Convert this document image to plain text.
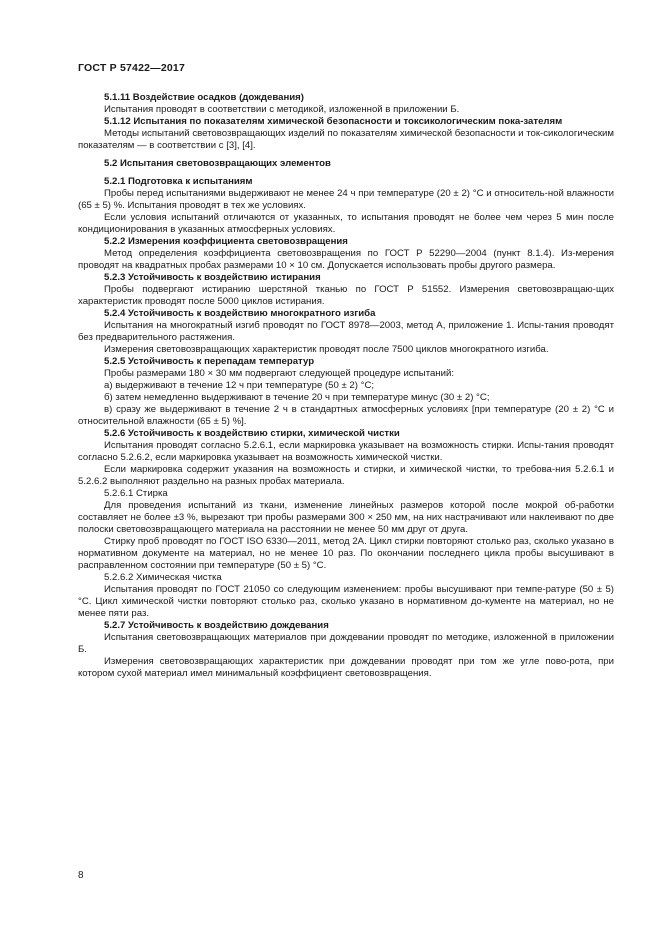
ГОСТ Р 57422—2017

5.1.11 Воздействие осадков (дождевания)

Испытания проводят в соответствии с методикой, изложенной в приложении Б.

5.1.12 Испытания по показателям химической безопасности и токсикологическим пока-зателям

Методы испытаний световозвращающих изделий по показателям химической безопасности и ток-сикологическим показателям — в соответствии с [3], [4].

5.2 Испытания световозвращающих элементов

5.2.1 Подготовка к испытаниям

Пробы перед испытаниями выдерживают не менее 24 ч при температуре (20 ± 2) °С и относитель-ной влажности (65 ± 5) %. Испытания проводят в тех же условиях.

Если условия испытаний отличаются от указанных, то испытания проводят не более чем через 5 мин после кондиционирования в указанных атмосферных условиях.

5.2.2 Измерения коэффициента световозвращения

Метод определения коэффициента световозвращения по ГОСТ Р 52290—2004 (пункт 8.1.4). Из-мерения проводят на квадратных пробах размерами 10 × 10 см. Допускается использовать пробы другого размера.

5.2.3 Устойчивость к воздействию истирания

Пробы подвергают истиранию шерстяной тканью по ГОСТ Р 51552. Измерения световозвращаю-щих характеристик проводят после 5000 циклов истирания.

5.2.4 Устойчивость к воздействию многократного изгиба

Испытания на многократный изгиб проводят по ГОСТ 8978—2003, метод А, приложение 1. Испы-тания проводят без предварительного растяжения.

Измерения световозвращающих характеристик проводят после 7500 циклов многократного изгиба.

5.2.5 Устойчивость к перепадам температур

Пробы размерами 180 × 30 мм подвергают следующей процедуре испытаний:

а) выдерживают в течение 12 ч при температуре (50 ± 2) °С;

б) затем немедленно выдерживают в течение 20 ч при температуре минус (30 ± 2) °С;

в) сразу же выдерживают в течение 2 ч в стандартных атмосферных условиях [при температуре (20 ± 2) °С и относительной влажности (65 ± 5) %].

5.2.6 Устойчивость к воздействию стирки, химической чистки

Испытания проводят согласно 5.2.6.1, если маркировка указывает на возможность стирки. Испы-тания проводят согласно 5.2.6.2, если маркировка указывает на возможность химической чистки.

Если маркировка содержит указания на возможность и стирки, и химической чистки, то требова-ния 5.2.6.1 и 5.2.6.2 выполняют раздельно на разных пробах материала.

5.2.6.1 Стирка

Для проведения испытаний из ткани, изменение линейных размеров которой после мокрой об-работки составляет не более ±3 %, вырезают три пробы размерами 300 × 250 мм, на них настрачивают или наклеивают по две полоски световозвращающего материала на расстоянии не менее 50 мм друг от друга.

Стирку проб проводят по ГОСТ ISO 6330—2011, метод 2А. Цикл стирки повторяют столько раз, сколько указано в нормативном документе на материал, но не менее 10 раз. По окончании последнего цикла пробы высушивают в расправленном состоянии при температуре (50 ± 5) °С.

5.2.6.2 Химическая чистка

Испытания проводят по ГОСТ 21050 со следующим изменением: пробы высушивают при темпе-ратуре (50 ± 5) °С. Цикл химической чистки повторяют столько раз, сколько указано в нормативном до-кументе на материал, но не менее пяти раз.

5.2.7 Устойчивость к воздействию дождевания

Испытания световозвращающих материалов при дождевании проводят по методике, изложенной в приложении Б.

Измерения световозвращающих характеристик при дождевании проводят при том же угле пово-рота, при котором сухой материал имел минимальный коэффициент световозвращения.

8
